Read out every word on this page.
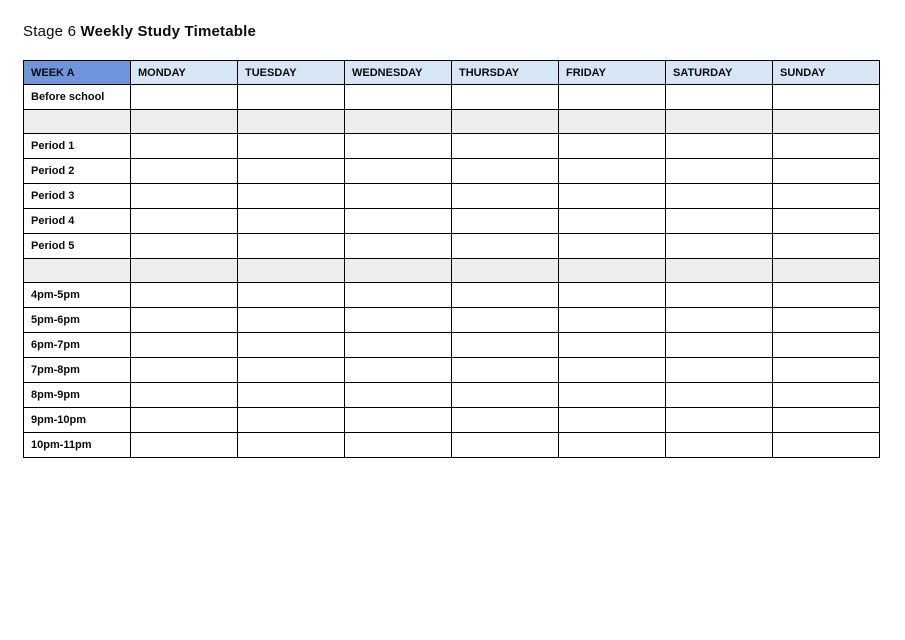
Stage 6 Weekly Study Timetable
WEEK A	MONDAY	TUESDAY	WEDNESDAY	THURSDAY	FRIDAY	SATURDAY	SUNDAY
Before school							

Period 1							
Period 2							
Period 3							
Period 4							
Period 5							

4pm-5pm							
5pm-6pm							
6pm-7pm							
7pm-8pm							
8pm-9pm							
9pm-10pm							
10pm-11pm							
